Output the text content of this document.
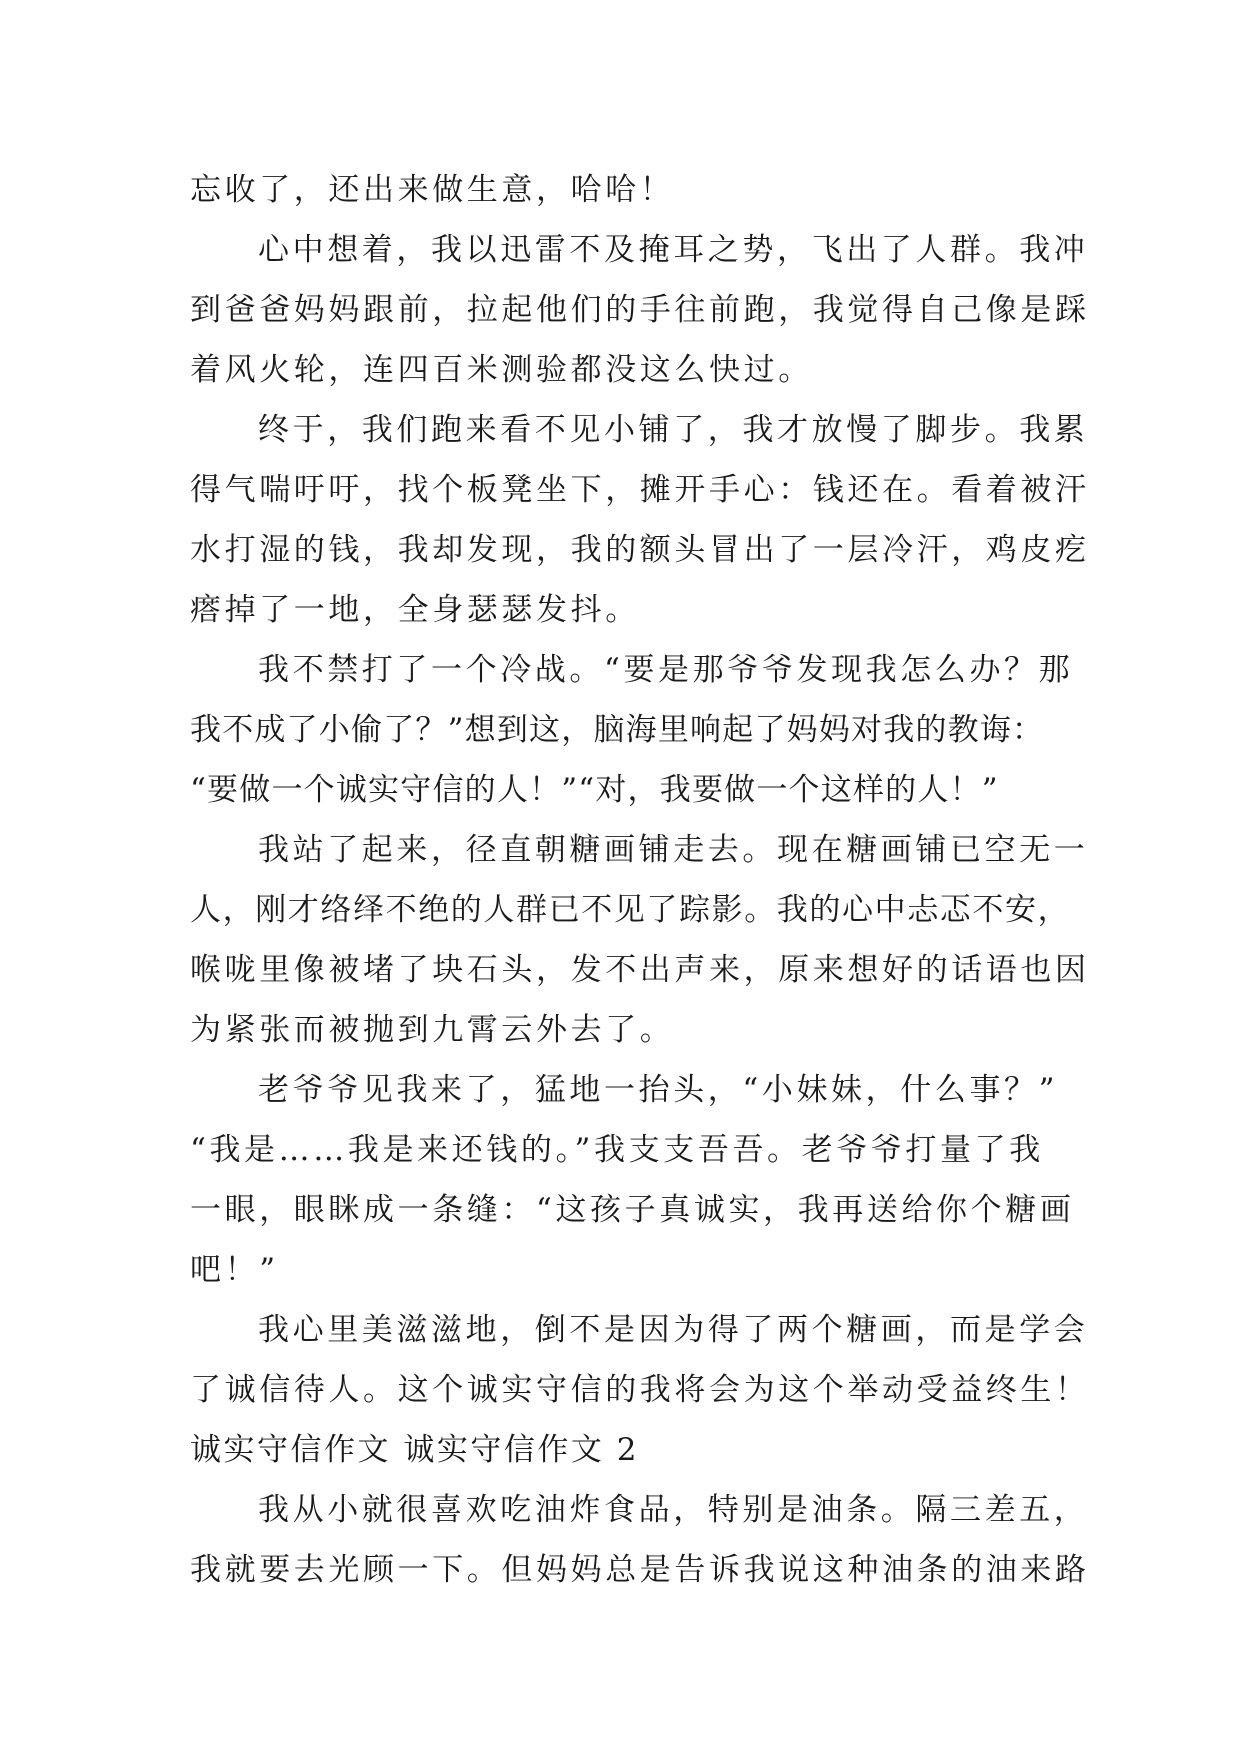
忘收了，还出来做生意，哈哈！
心中想着，我以迅雷不及掩耳之势，飞出了人群。我冲
到爸爸妈妈跟前，拉起他们的手往前跑，我觉得自己像是踩
着风火轮，连四百米测验都没这么快过。
终于，我们跑来看不见小铺了，我才放慢了脚步。我累
得气喘吁吁，找个板凳坐下，摊开手心：钱还在。看着被汗
水打湿的钱，我却发现，我的额头冒出了一层冷汗，鸡皮疙
瘩掉了一地，全身瑟瑟发抖。
我不禁打了一个冷战。“要是那爷爷发现我怎么办？那
我不成了小偷了？”想到这，脑海里响起了妈妈对我的教诲：
“要做一个诚实守信的人！”“对，我要做一个这样的人！”
我站了起来，径直朝糖画铺走去。现在糖画铺已空无一
人，刚才络绎不绝的人群已不见了踪影。我的心中忐忑不安，
喉咙里像被堵了块石头，发不出声来，原来想好的话语也因
为紧张而被抛到九霄云外去了。
老爷爷见我来了，猛地一抬头，“小妹妹，什么事？”
“我是……我是来还钱的。”我支支吾吾。老爷爷打量了我
一眼，眼眯成一条缝：“这孩子真诚实，我再送给你个糖画
吧！”
我心里美滋滋地，倒不是因为得了两个糖画，而是学会
了诚信待人。这个诚实守信的我将会为这个举动受益终生！
诚实守信作文 诚实守信作文 2
我从小就很喜欢吃油炸食品，特别是油条。隔三差五，
我就要去光顾一下。但妈妈总是告诉我说这种油条的油来路
